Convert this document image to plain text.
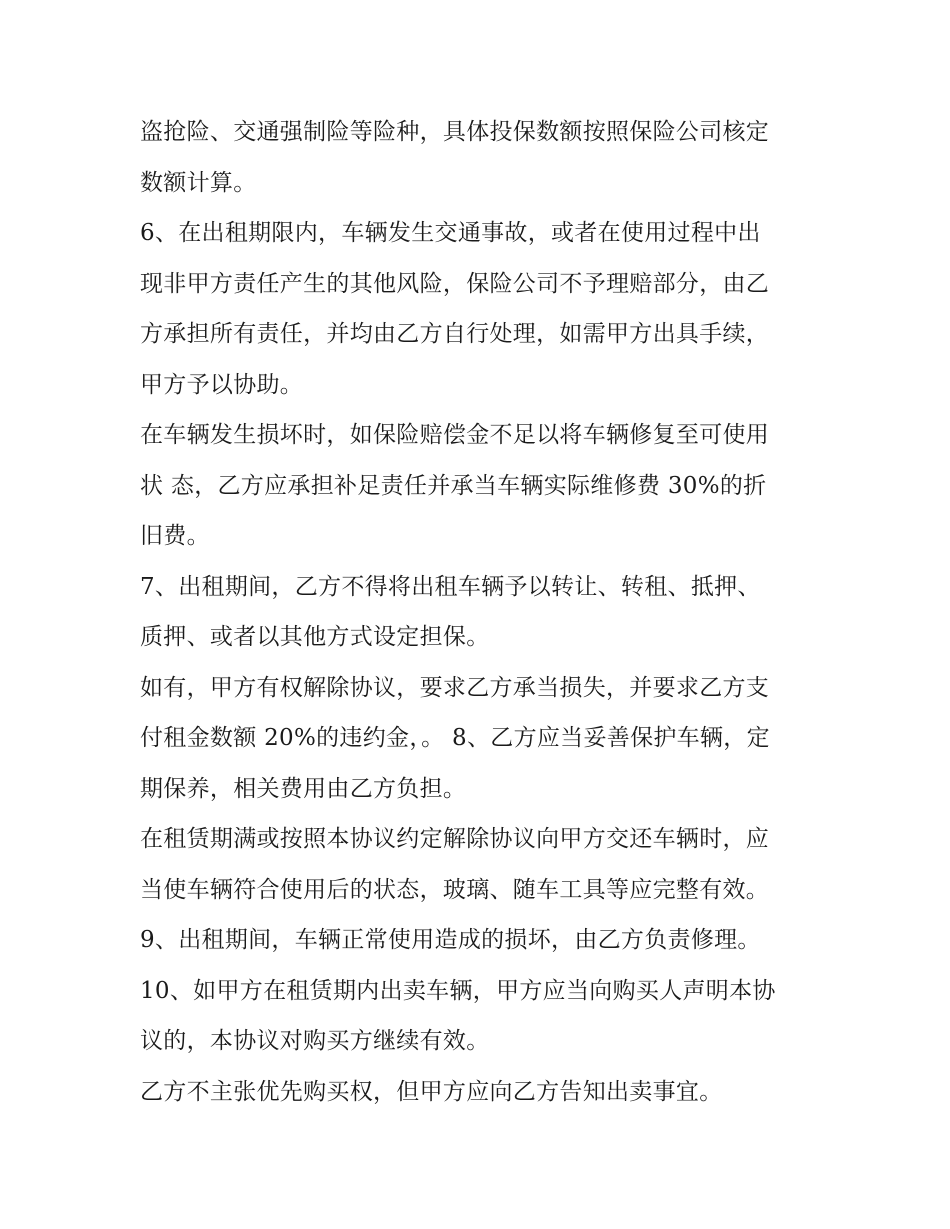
盗抢险、交通强制险等险种，具体投保数额按照保险公司核定
数额计算。
6、在出租期限内，车辆发生交通事故，或者在使用过程中出
现非甲方责任产生的其他风险，保险公司不予理赔部分，由乙
方承担所有责任，并均由乙方自行处理，如需甲方出具手续，
甲方予以协助。
在车辆发生损坏时，如保险赔偿金不足以将车辆修复至可使用
状 态，乙方应承担补足责任并承当车辆实际维修费 30%的折
旧费。
7、出租期间，乙方不得将出租车辆予以转让、转租、抵押、
质押、或者以其他方式设定担保。
如有，甲方有权解除协议，要求乙方承当损失，并要求乙方支
付租金数额 20%的违约金，。 8、乙方应当妥善保护车辆，定
期保养，相关费用由乙方负担。
在租赁期满或按照本协议约定解除协议向甲方交还车辆时，应
当使车辆符合使用后的状态，玻璃、随车工具等应完整有效。
9、出租期间，车辆正常使用造成的损坏，由乙方负责修理。
10、如甲方在租赁期内出卖车辆，甲方应当向购买人声明本协
议的，本协议对购买方继续有效。
乙方不主张优先购买权，但甲方应向乙方告知出卖事宜。
